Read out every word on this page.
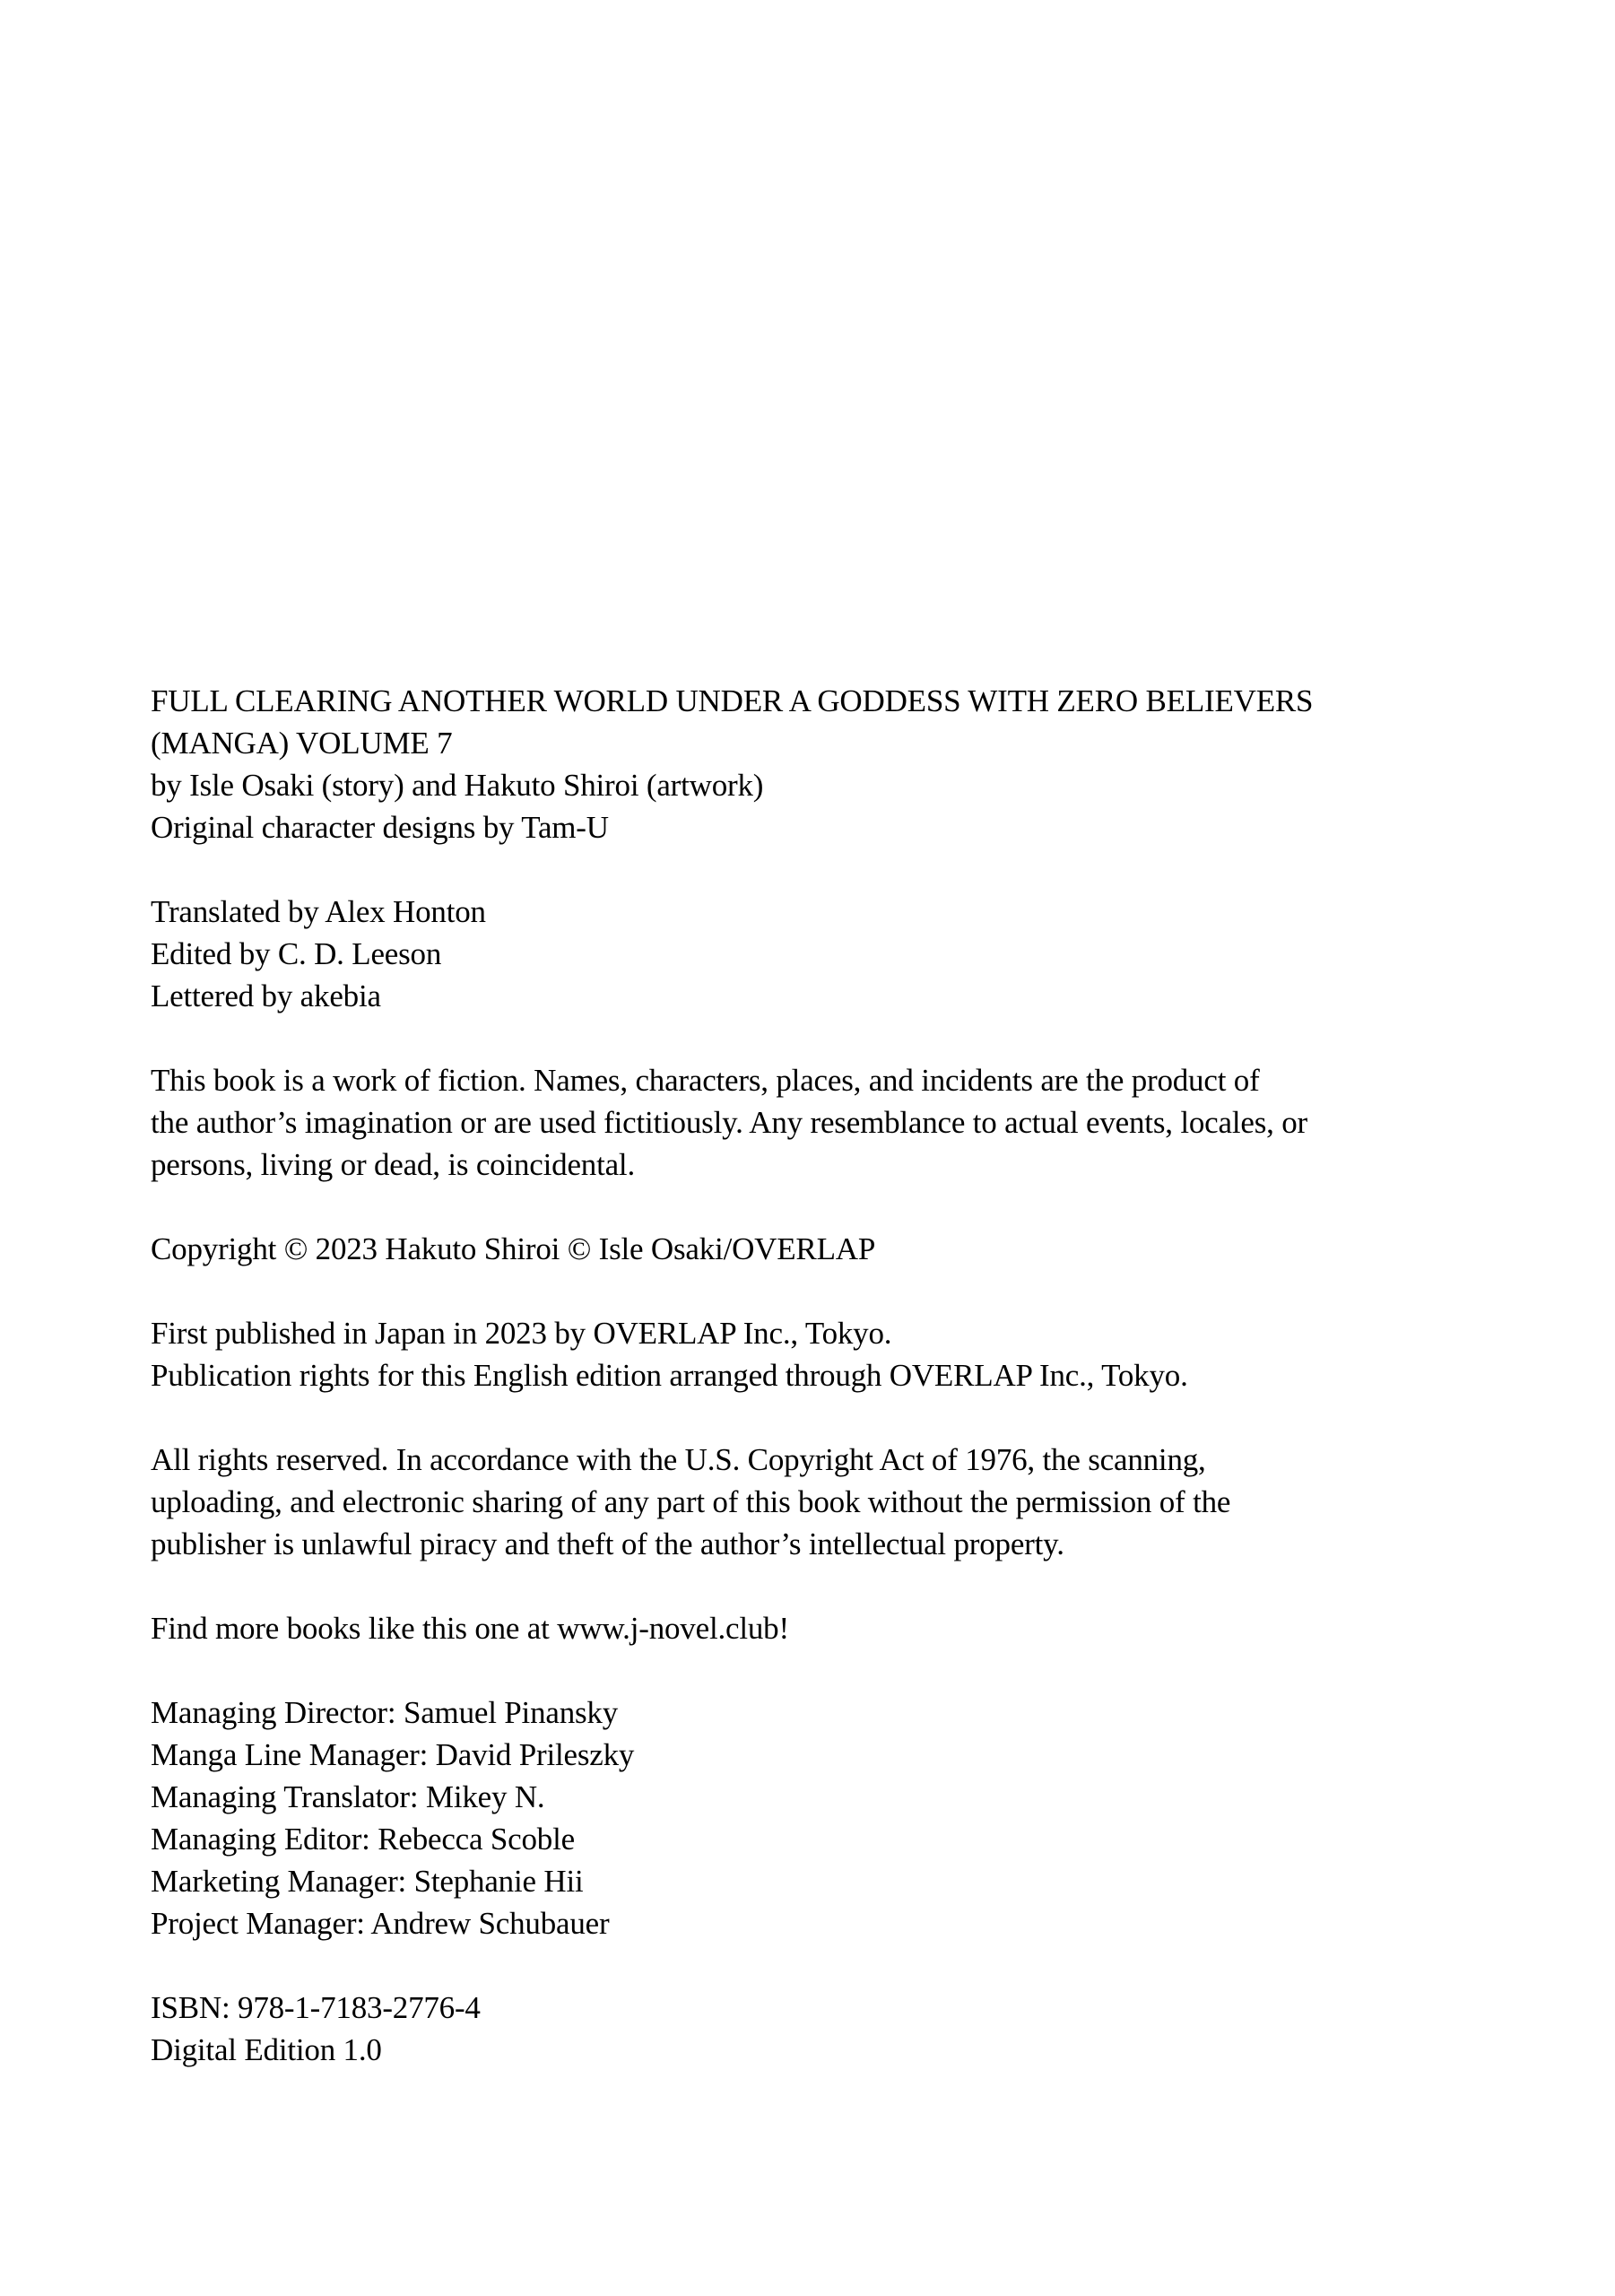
FULL CLEARING ANOTHER WORLD UNDER A GODDESS WITH ZERO BELIEVERS

(MANGA) VOLUME 7

by Isle Osaki (story) and Hakuto Shiroi (artwork)

Original character designs by Tam-U

Translated by Alex Honton

Edited by C. D. Leeson

Lettered by akebia

This book is a work of fiction. Names, characters, places, and incidents are the product of

the author’s imagination or are used fictitiously. Any resemblance to actual events, locales, or

persons, living or dead, is coincidental.

Copyright © 2023 Hakuto Shiroi © Isle Osaki/OVERLAP

First published in Japan in 2023 by OVERLAP Inc., Tokyo.

Publication rights for this English edition arranged through OVERLAP Inc., Tokyo.

All rights reserved. In accordance with the U.S. Copyright Act of 1976, the scanning,

uploading, and electronic sharing of any part of this book without the permission of the

publisher is unlawful piracy and theft of the author’s intellectual property.

Find more books like this one at www.j-novel.club!

Managing Director: Samuel Pinansky

Manga Line Manager: David Prileszky

Managing Translator: Mikey N.

Managing Editor: Rebecca Scoble

Marketing Manager: Stephanie Hii

Project Manager: Andrew Schubauer

ISBN: 978-1-7183-2776-4

Digital Edition 1.0
